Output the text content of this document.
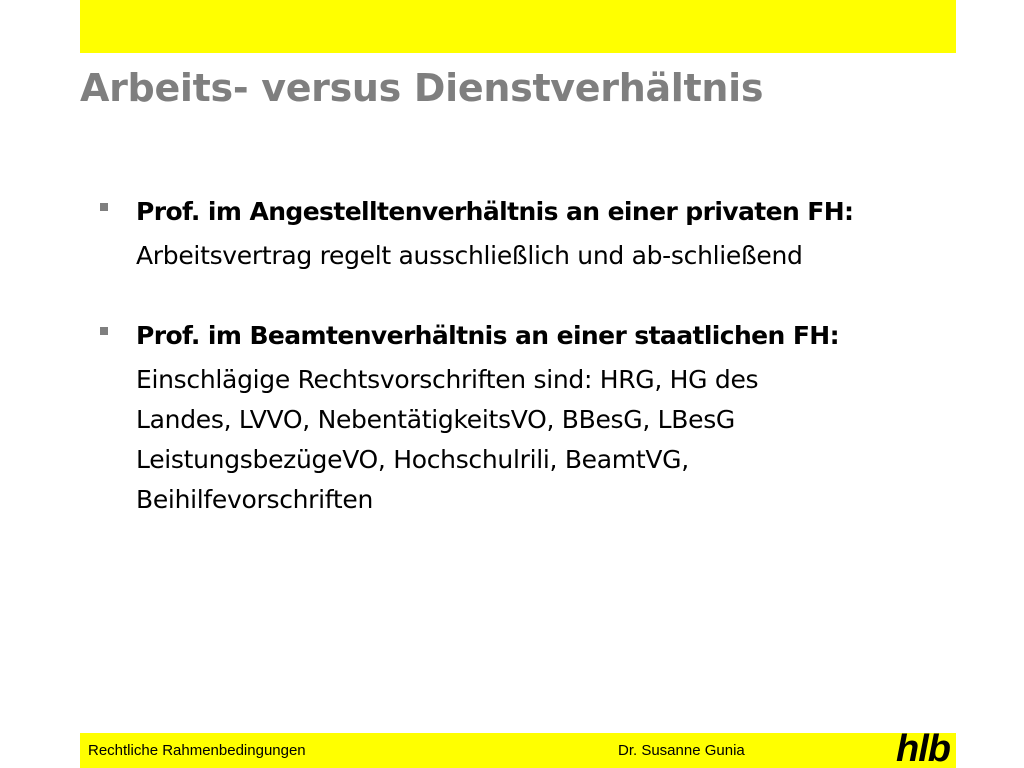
Arbeits- versus Dienstverhältnis
Prof. im Angestelltenverhältnis an einer privaten FH:
Arbeitsvertrag regelt ausschließlich und ab-schließend
Prof. im Beamtenverhältnis an einer staatlichen FH:
Einschlägige Rechtsvorschriften sind: HRG, HG des
Landes, LVVO, NebentätigkeitsVO, BBesG, LBesG
LeistungsbezügeVO, Hochschulrili, BeamtVG,
Beihilfevorschriften
Rechtliche Rahmenbedingungen	Dr. Susanne Gunia	hlb
